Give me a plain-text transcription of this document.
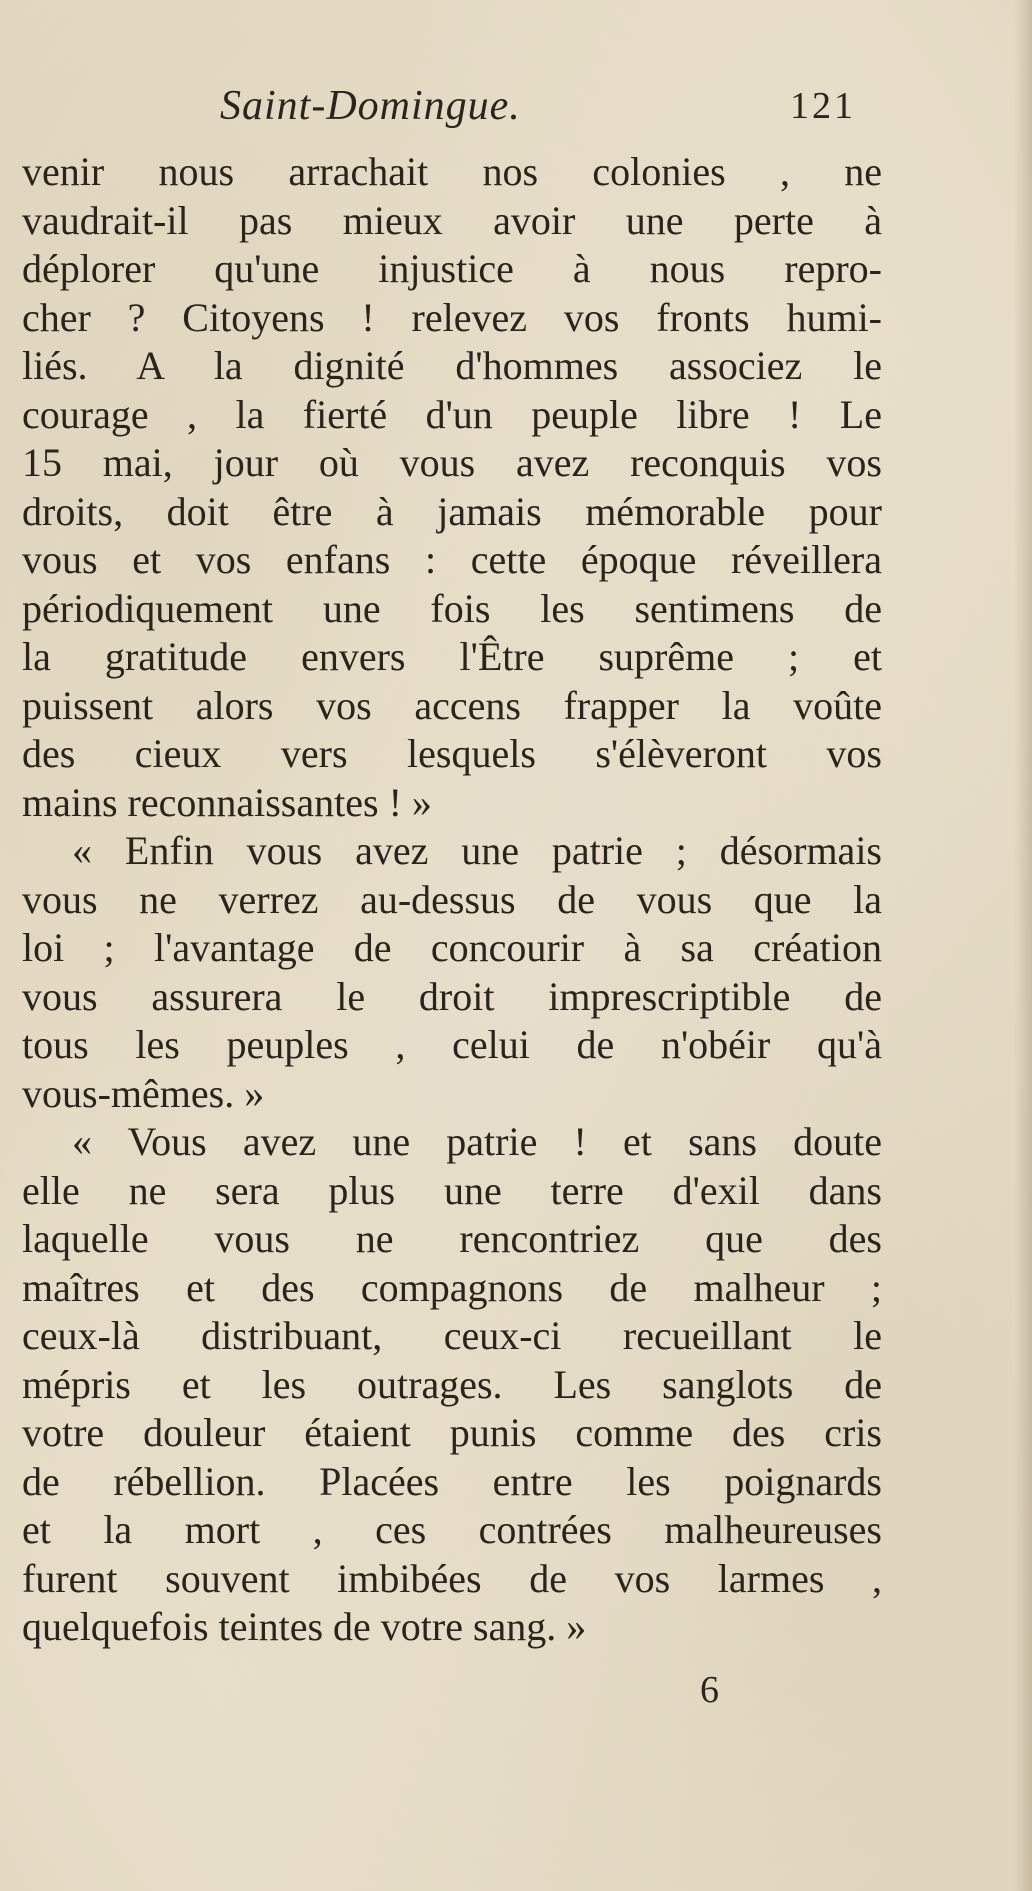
Saint-Domingue.	121
venir nous arrachait nos colonies , ne
vaudrait-il pas mieux avoir une perte à
déplorer qu'une injustice à nous repro-
cher ? Citoyens ! relevez vos fronts humi-
liés. A la dignité d'hommes associez le
courage , la fierté d'un peuple libre ! Le
15 mai, jour où vous avez reconquis vos
droits, doit être à jamais mémorable pour
vous et vos enfans : cette époque réveillera
périodiquement une fois les sentimens de
la gratitude envers l'Être suprême ; et
puissent alors vos accens frapper la voûte
des cieux vers lesquels s'élèveront vos
mains reconnaissantes ! »
« Enfin vous avez une patrie ; désormais
vous ne verrez au-dessus de vous que la
loi ; l'avantage de concourir à sa création
vous assurera le droit imprescriptible de
tous les peuples , celui de n'obéir qu'à
vous-mêmes. »
« Vous avez une patrie ! et sans doute
elle ne sera plus une terre d'exil dans
laquelle vous ne rencontriez que des
maîtres et des compagnons de malheur ;
ceux-là distribuant, ceux-ci recueillant le
mépris et les outrages. Les sanglots de
votre douleur étaient punis comme des cris
de rébellion. Placées entre les poignards
et la mort , ces contrées malheureuses
furent souvent imbibées de vos larmes ,
quelquefois teintes de votre sang. »
6
